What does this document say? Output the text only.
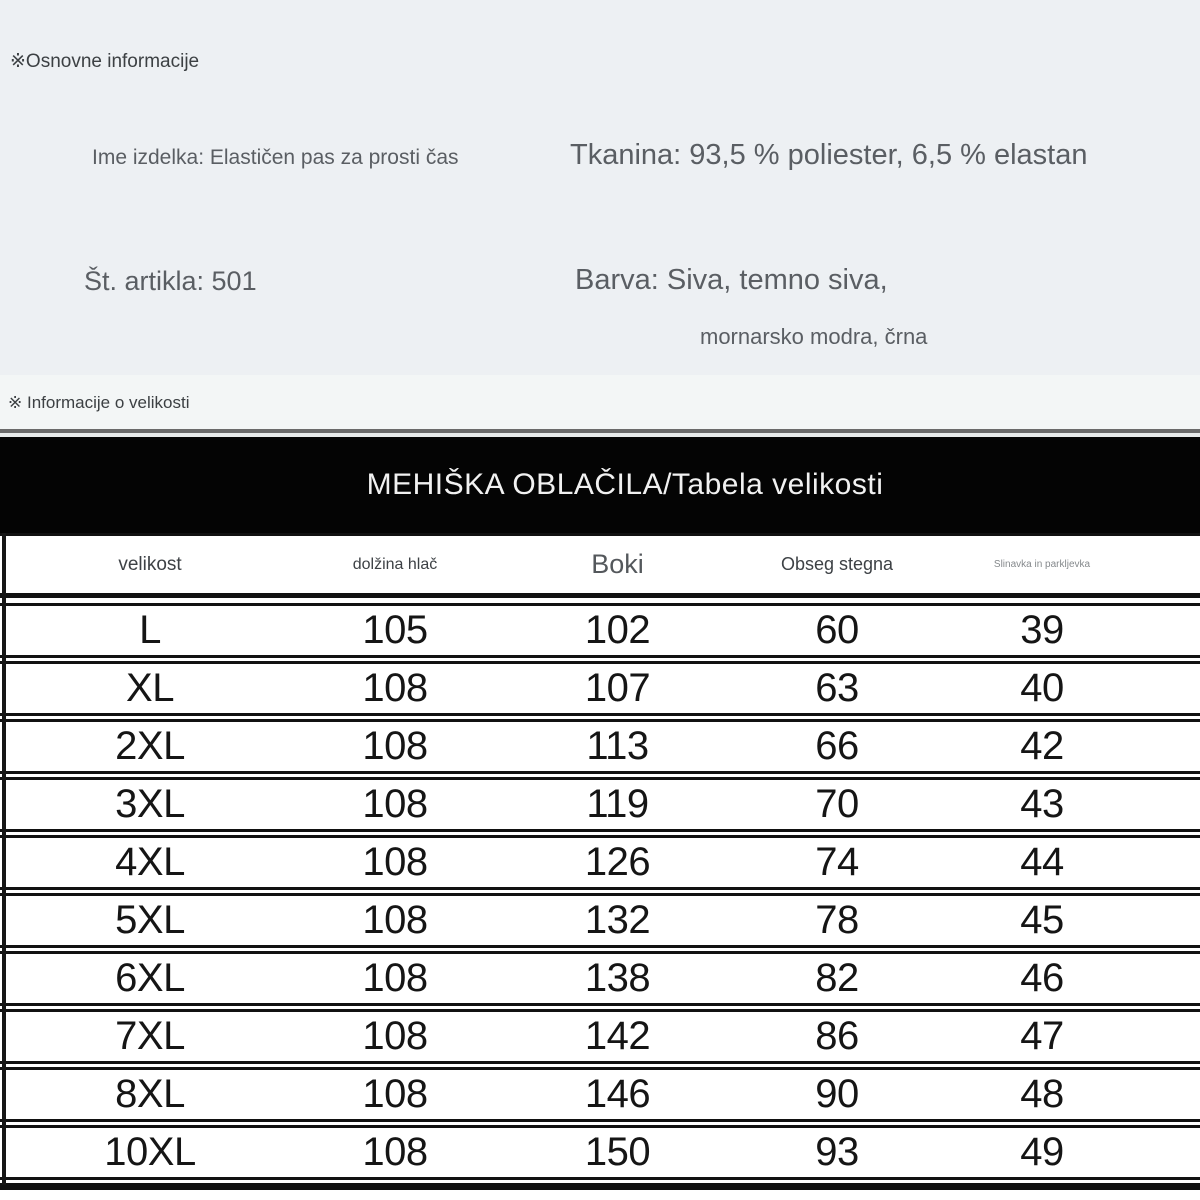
※Osnovne informacije
Ime izdelka: Elastičen pas za prosti čas	Tkanina: 93,5 % poliester, 6,5 % elastan
Št. artikla: 501	Barva: Siva, temno siva,
mornarsko modra, črna
※ Informacije o velikosti
MEHIŠKA OBLAČILA/Tabela velikosti
velikost	dolžina hlač	Boki	Obseg stegna	Slinavka in parkljevka
L	105	102	60	39
XL	108	107	63	40
2XL	108	113	66	42
3XL	108	119	70	43
4XL	108	126	74	44
5XL	108	132	78	45
6XL	108	138	82	46
7XL	108	142	86	47
8XL	108	146	90	48
10XL	108	150	93	49
